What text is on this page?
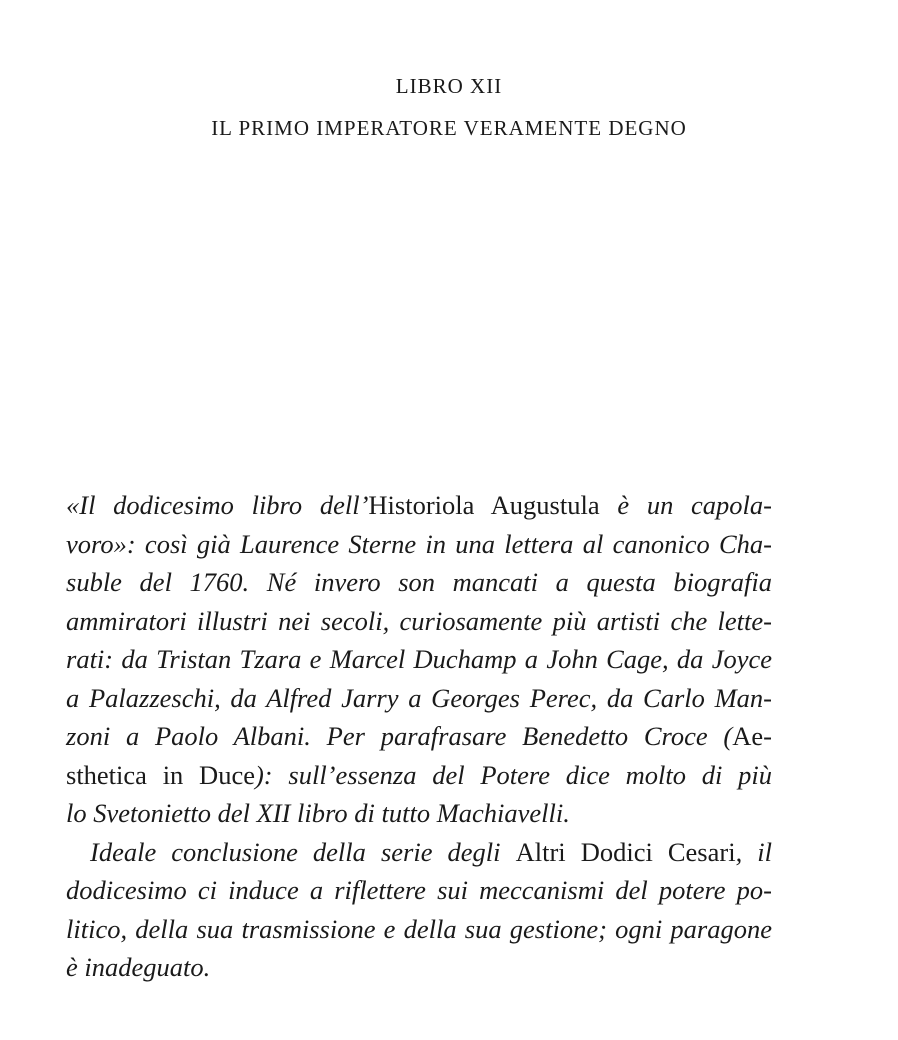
LIBRO XII
IL PRIMO IMPERATORE VERAMENTE DEGNO
«Il dodicesimo libro dell’Historiola Augustula è un capola-
voro»: così già Laurence Sterne in una lettera al canonico Cha-
suble del 1760. Né invero son mancati a questa biografia
ammiratori illustri nei secoli, curiosamente più artisti che lette-
rati: da Tristan Tzara e Marcel Duchamp a John Cage, da Joyce
a Palazzeschi, da Alfred Jarry a Georges Perec, da Carlo Man-
zoni a Paolo Albani. Per parafrasare Benedetto Croce (Ae-
sthetica in Duce): sull’essenza del Potere dice molto di più
lo Svetonietto del XII libro di tutto Machiavelli.
Ideale conclusione della serie degli Altri Dodici Cesari, il
dodicesimo ci induce a riflettere sui meccanismi del potere po-
litico, della sua trasmissione e della sua gestione; ogni paragone
è inadeguato.
